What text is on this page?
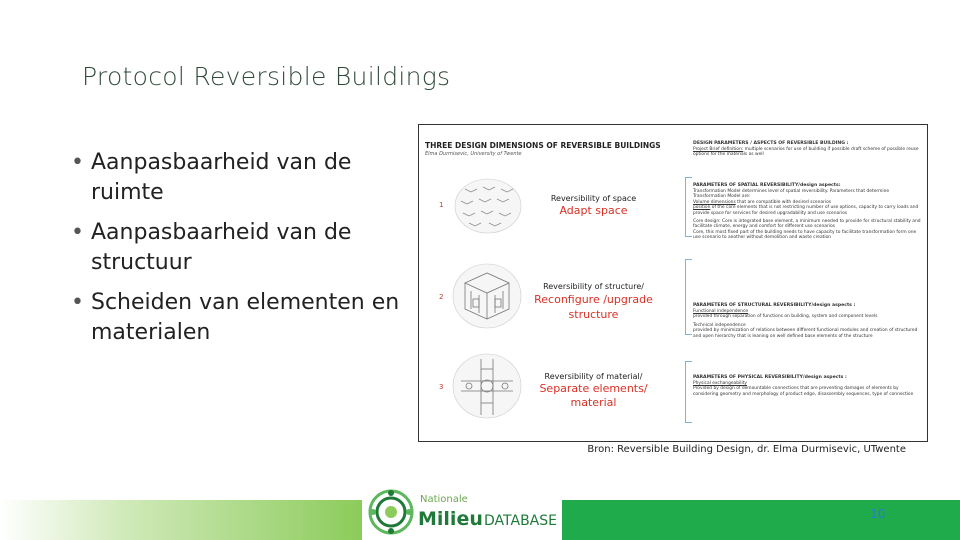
Protocol Reversible Buildings
• Aanpasbaarheid van de ruimte
• Aanpasbaarheid van de structuur
• Scheiden van elementen en materialen
THREE DESIGN DIMENSIONS OF REVERSIBLE BUILDINGS
Elma Durmisevic, University of Twente
1
Reversibility of space
Adapt space
2
Reversibility of structure/
Reconfigure /upgrade structure
3
Reversibility of material/
Separate elements/ material
DESIGN PARAMETERS / ASPECTS OF REVERSIBLE BUILDING :
Project Brief definition: multiple scenarios for use of building if possible draft scheme of possible reuse options for the materials as well
PARAMETERS OF SPATIAL REVERSIBILITY/design aspects:
Transformation Model determines level of spatial reversibility. Parameters that determine Transformation Model are:
Volume dimensions that are compatible with desired scenarios
position of the core elements that is not restricting number of use options, capacity to carry loads and provide space for services for desired upgradability and use scenarios
Core design: Core is integrated base element, a minimum needed to provide for structural stability and facilitate climate, energy and comfort for different use scenarios
Core, this most fixed part of the building needs to have capacity to facilitate transformation form one use scenario to another without demolition and waste creation
PARAMETERS OF STRUCTURAL REVERSIBILITY/design aspects :
Functional independence
provided through separation of functions on building, system and component levels
Technical independence
provided by minimization of relations between different functional modules and creation of structured and open hierarchy that is leaning on well defined base elements of the structure
PARAMETERS OF PHYSICAL REVERSIBILITY/design aspects :
Physical exchangeability
Provided by design of demountable connections that are preventing damages of elements by considering geometry and morphology of product edge, disassembly sequences, type of connection
Bron: Reversible Building Design, dr. Elma Durmisevic, UTwente
Nationale
Milieu DATABASE	10
